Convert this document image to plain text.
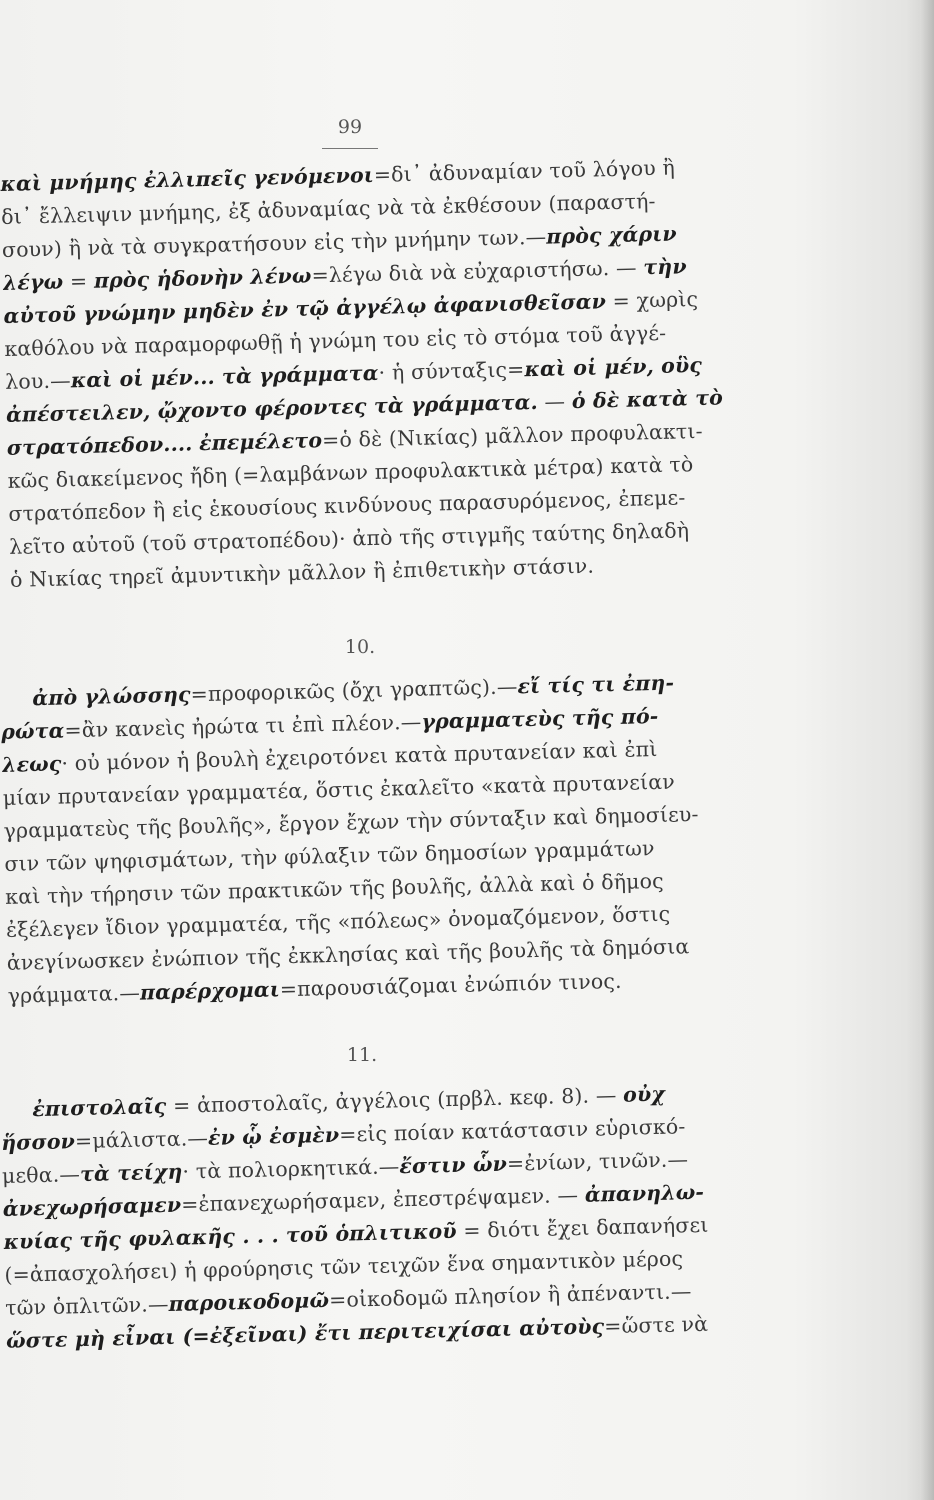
99
καὶ μνήμης ἐλλιπεῖς γενόμενοι=δι᾽ ἀδυναμίαν τοῦ λόγου ἢ
δι᾽ ἔλλειψιν μνήμης, ἐξ ἀδυναμίας νὰ τὰ ἐκθέσουν (παραστή-
σουν) ἢ νὰ τὰ συγκρατήσουν εἰς τὴν μνήμην των.—πρὸς χάριν
λέγω = πρὸς ἡδονὴν λένω=λέγω διὰ νὰ εὐχαριστήσω. — τὴν
αὐτοῦ γνώμην μηδὲν ἐν τῷ ἀγγέλῳ ἀφανισθεῖσαν = χωρὶς
καθόλου νὰ παραμορφωθῇ ἡ γνώμη του εἰς τὸ στόμα τοῦ ἀγγέ-
λου.—καὶ οἱ μέν... τὰ γράμματα· ἡ σύνταξις=καὶ οἱ μέν, οὓς
ἀπέστειλεν, ᾤχοντο φέροντες τὰ γράμματα. — ὁ δὲ κατὰ τὸ
στρατόπεδον.... ἐπεμέλετο=ὁ δὲ (Νικίας) μᾶλλον προφυλακτι-
κῶς διακείμενος ἤδη (=λαμβάνων προφυλακτικὰ μέτρα) κατὰ τὸ
στρατόπεδον ἢ εἰς ἑκουσίους κινδύνους παρασυρόμενος, ἐπεμε-
λεῖτο αὐτοῦ (τοῦ στρατοπέδου)· ἀπὸ τῆς στιγμῆς ταύτης δηλαδὴ
ὁ Νικίας τηρεῖ ἀμυντικὴν μᾶλλον ἢ ἐπιθετικὴν στάσιν.
10.
ἀπὸ γλώσσης=προφορικῶς (ὄχι γραπτῶς).—εἴ τίς τι ἐπη-
ρώτα=ἂν κανεὶς ἠρώτα τι ἐπὶ πλέον.—γραμματεὺς τῆς πό-
λεως· οὐ μόνον ἡ βουλὴ ἐχειροτόνει κατὰ πρυτανείαν καὶ ἐπὶ
μίαν πρυτανείαν γραμματέα, ὅστις ἐκαλεῖτο «κατὰ πρυτανείαν
γραμματεὺς τῆς βουλῆς», ἔργον ἔχων τὴν σύνταξιν καὶ δημοσίευ-
σιν τῶν ψηφισμάτων, τὴν φύλαξιν τῶν δημοσίων γραμμάτων
καὶ τὴν τήρησιν τῶν πρακτικῶν τῆς βουλῆς, ἀλλὰ καὶ ὁ δῆμος
ἐξέλεγεν ἴδιον γραμματέα, τῆς «πόλεως» ὀνομαζόμενον, ὅστις
ἀνεγίνωσκεν ἐνώπιον τῆς ἐκκλησίας καὶ τῆς βουλῆς τὰ δημόσια
γράμματα.—παρέρχομαι=παρουσιάζομαι ἐνώπιόν τινος.
11.
ἐπιστολαῖς = ἀποστολαῖς, ἀγγέλοις (πρβλ. κεφ. 8). — οὐχ
ἥσσον=μάλιστα.—ἐν ᾧ ἐσμὲν=εἰς ποίαν κατάστασιν εὑρισκό-
μεθα.—τὰ τείχη· τὰ πολιορκητικά.—ἔστιν ὧν=ἐνίων, τινῶν.—
ἀνεχωρήσαμεν=ἐπανεχωρήσαμεν, ἐπεστρέψαμεν. — ἀπανηλω-
κυίας τῆς φυλακῆς . . . τοῦ ὁπλιτικοῦ = διότι ἔχει δαπανήσει
(=ἀπασχολήσει) ἡ φρούρησις τῶν τειχῶν ἕνα σημαντικὸν μέρος
τῶν ὁπλιτῶν.—παροικοδομῶ=οἰκοδομῶ πλησίον ἢ ἀπέναντι.—
ὥστε μὴ εἶναι (=ἐξεῖναι) ἔτι περιτειχίσαι αὐτοὺς=ὥστε νὰ
